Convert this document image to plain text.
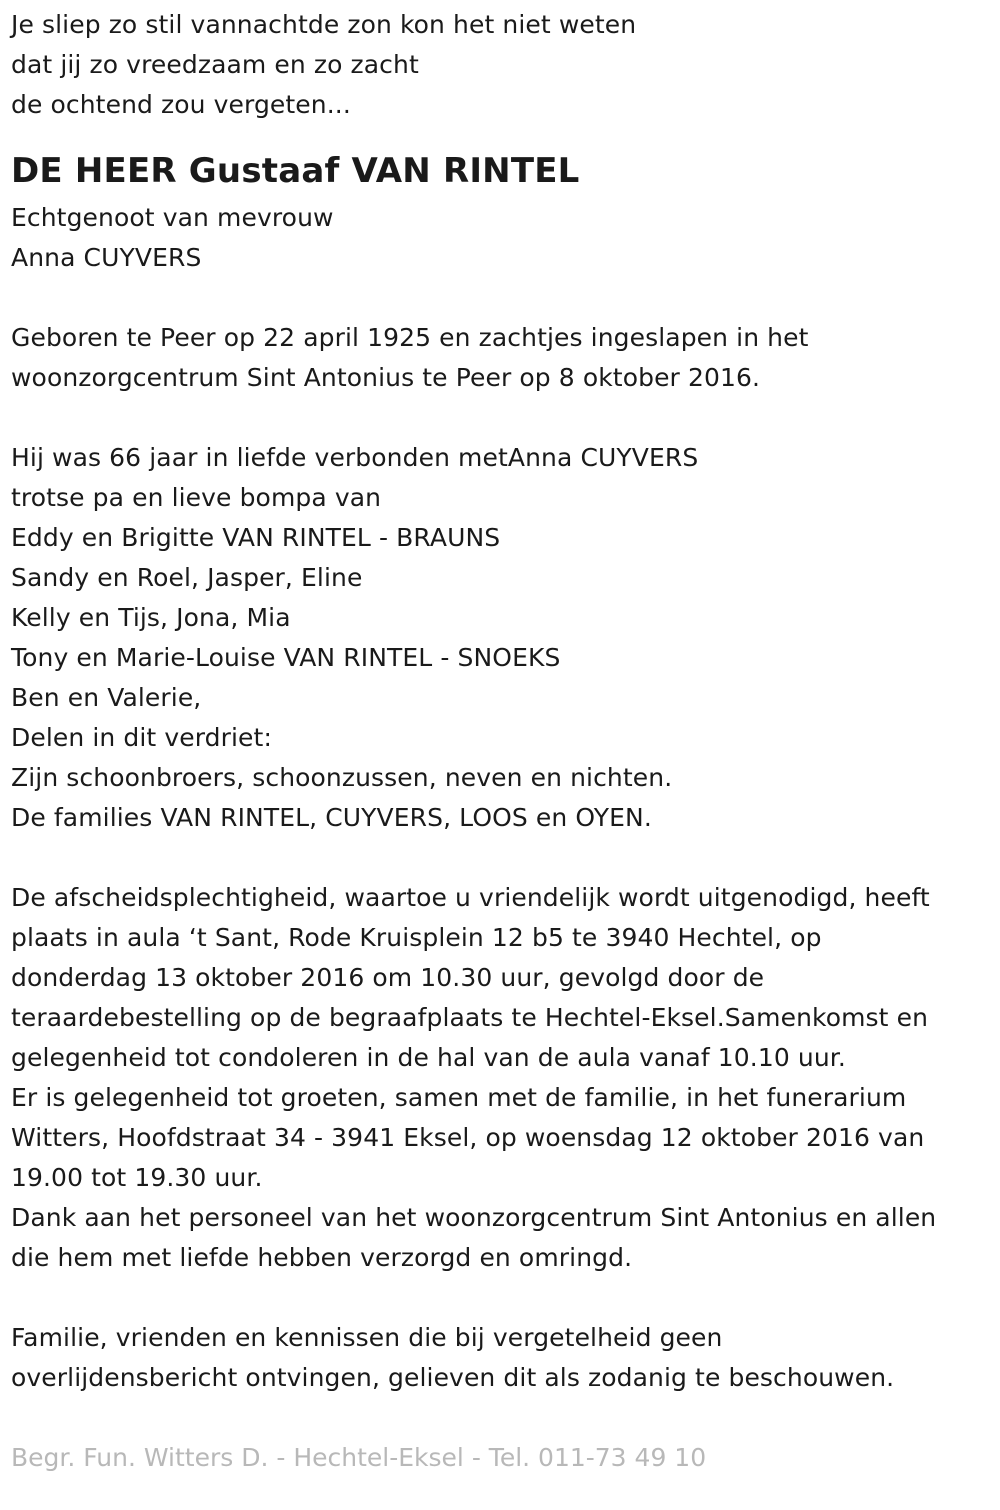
Je sliep zo stil vannachtde zon kon het niet weten
dat jij zo vreedzaam en zo zacht
de ochtend zou vergeten...
DE HEER Gustaaf VAN RINTEL
Echtgenoot van mevrouw
Anna CUYVERS
Geboren te Peer op 22 april 1925 en zachtjes ingeslapen in het
woonzorgcentrum Sint Antonius te Peer op 8 oktober 2016.
Hij was 66 jaar in liefde verbonden metAnna CUYVERS
trotse pa en lieve bompa van
Eddy en Brigitte VAN RINTEL - BRAUNS
Sandy en Roel, Jasper, Eline
Kelly en Tijs, Jona, Mia
Tony en Marie-Louise VAN RINTEL - SNOEKS
Ben en Valerie,
Delen in dit verdriet:
Zijn schoonbroers, schoonzussen, neven en nichten.
De families VAN RINTEL, CUYVERS, LOOS en OYEN.
De afscheidsplechtigheid, waartoe u vriendelijk wordt uitgenodigd, heeft
plaats in aula ‘t Sant, Rode Kruisplein 12 b5 te 3940 Hechtel, op
donderdag 13 oktober 2016 om 10.30 uur, gevolgd door de
teraardebestelling op de begraafplaats te Hechtel-Eksel.Samenkomst en
gelegenheid tot condoleren in de hal van de aula vanaf 10.10 uur.
Er is gelegenheid tot groeten, samen met de familie, in het funerarium
Witters, Hoofdstraat 34 - 3941 Eksel, op woensdag 12 oktober 2016 van
19.00 tot 19.30 uur.
Dank aan het personeel van het woonzorgcentrum Sint Antonius en allen
die hem met liefde hebben verzorgd en omringd.
Familie, vrienden en kennissen die bij vergetelheid geen
overlijdensbericht ontvingen, gelieven dit als zodanig te beschouwen.
Begr. Fun. Witters D. - Hechtel-Eksel - Tel. 011-73 49 10
